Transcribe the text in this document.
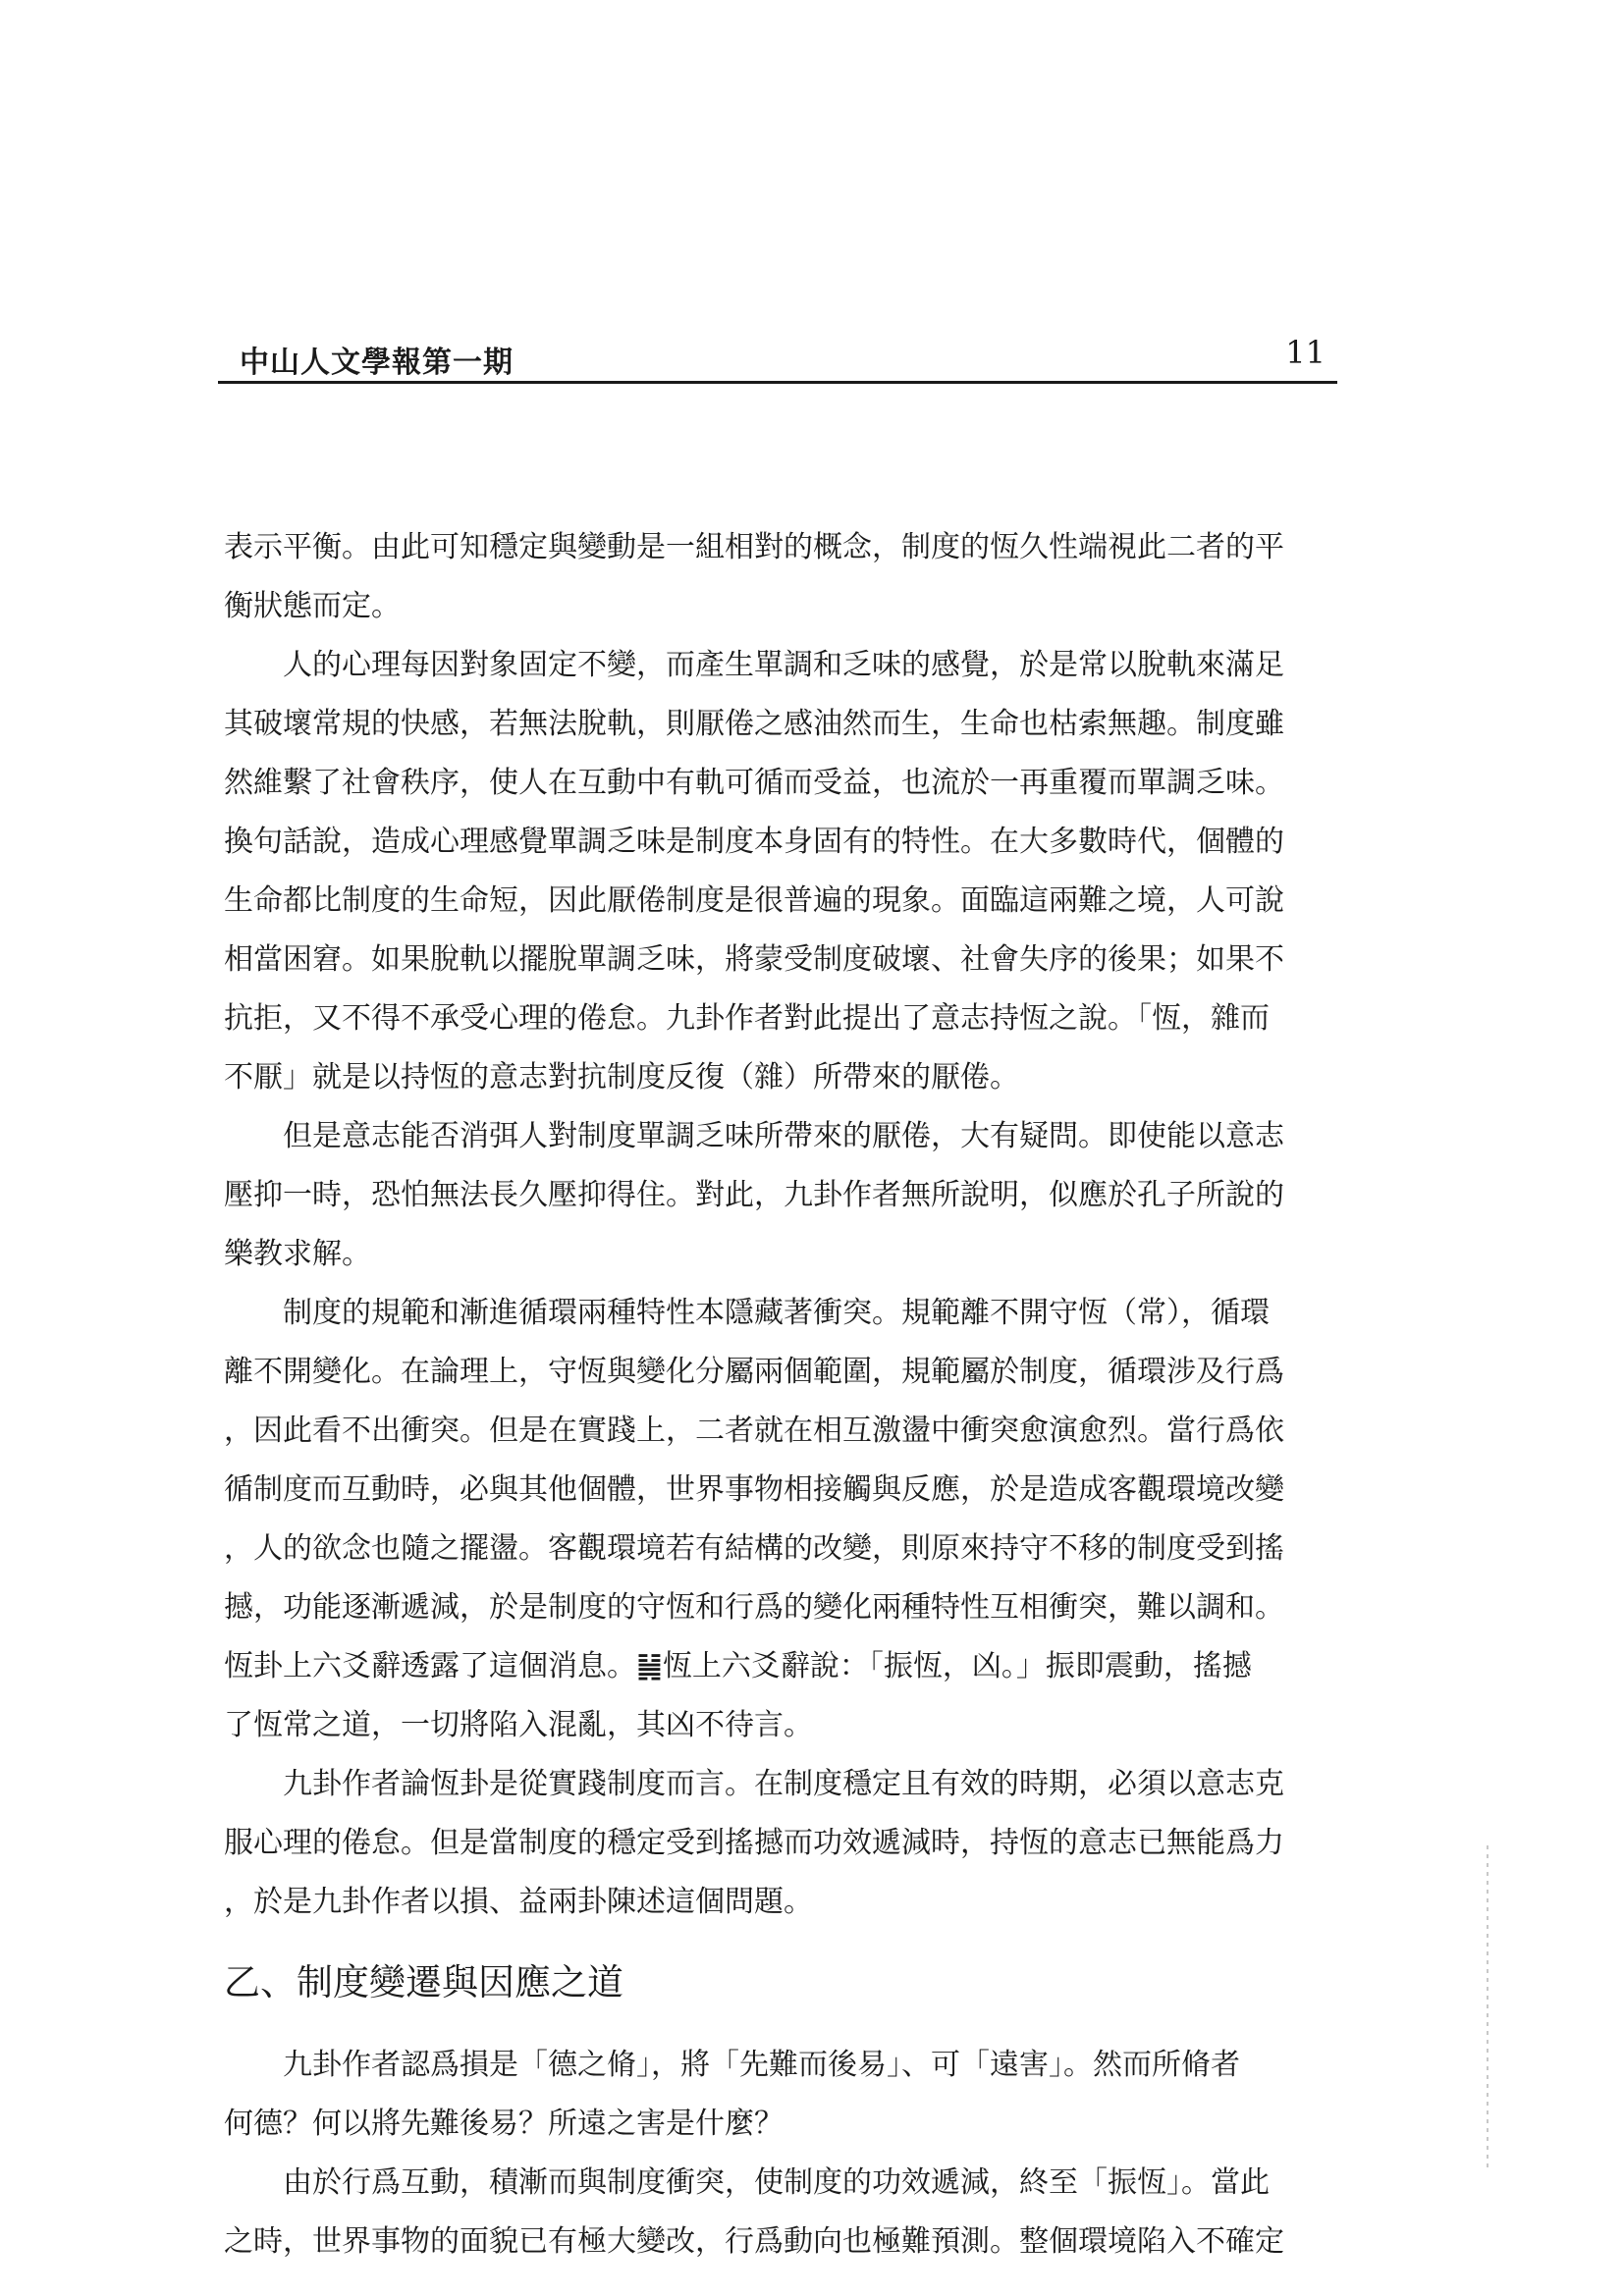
中山人文學報第一期	11
表示平衡。由此可知穩定與變動是一組相對的概念，制度的恆久性端視此二者的平
衡狀態而定。
人的心理每因對象固定不變，而產生單調和乏味的感覺，於是常以脫軌來滿足
其破壞常規的快感，若無法脫軌，則厭倦之感油然而生，生命也枯索無趣。制度雖
然維繫了社會秩序，使人在互動中有軌可循而受益，也流於一再重覆而單調乏味。
換句話說，造成心理感覺單調乏味是制度本身固有的特性。在大多數時代，個體的
生命都比制度的生命短，因此厭倦制度是很普遍的現象。面臨這兩難之境，人可說
相當困窘。如果脫軌以擺脫單調乏味，將蒙受制度破壞、社會失序的後果；如果不
抗拒，又不得不承受心理的倦怠。九卦作者對此提出了意志持恆之說。「恆，雜而
不厭」就是以持恆的意志對抗制度反復（雜）所帶來的厭倦。
但是意志能否消弭人對制度單調乏味所帶來的厭倦，大有疑問。即使能以意志
壓抑一時，恐怕無法長久壓抑得住。對此，九卦作者無所說明，似應於孔子所說的
樂教求解。
制度的規範和漸進循環兩種特性本隱藏著衝突。規範離不開守恆（常），循環
離不開變化。在論理上，守恆與變化分屬兩個範圍，規範屬於制度，循環涉及行爲
，因此看不出衝突。但是在實踐上，二者就在相互激盪中衝突愈演愈烈。當行爲依
循制度而互動時，必與其他個體，世界事物相接觸與反應，於是造成客觀環境改變
，人的欲念也隨之擺盪。客觀環境若有結構的改變，則原來持守不移的制度受到搖
撼，功能逐漸遞減，於是制度的守恆和行爲的變化兩種特性互相衝突，難以調和。
恆卦上六爻辭透露了這個消息。䷟恆上六爻辭說：「振恆，凶。」振即震動，搖撼
了恆常之道，一切將陷入混亂，其凶不待言。
九卦作者論恆卦是從實踐制度而言。在制度穩定且有效的時期，必須以意志克
服心理的倦怠。但是當制度的穩定受到搖撼而功效遞減時，持恆的意志已無能爲力
，於是九卦作者以損、益兩卦陳述這個問題。
乙、制度變遷與因應之道
九卦作者認爲損是「德之脩」，將「先難而後易」、可「遠害」。然而所脩者
何德？何以將先難後易？所遠之害是什麼？
由於行爲互動，積漸而與制度衝突，使制度的功效遞減，終至「振恆」。當此
之時，世界事物的面貌已有極大變改，行爲動向也極難預測。整個環境陷入不確定
